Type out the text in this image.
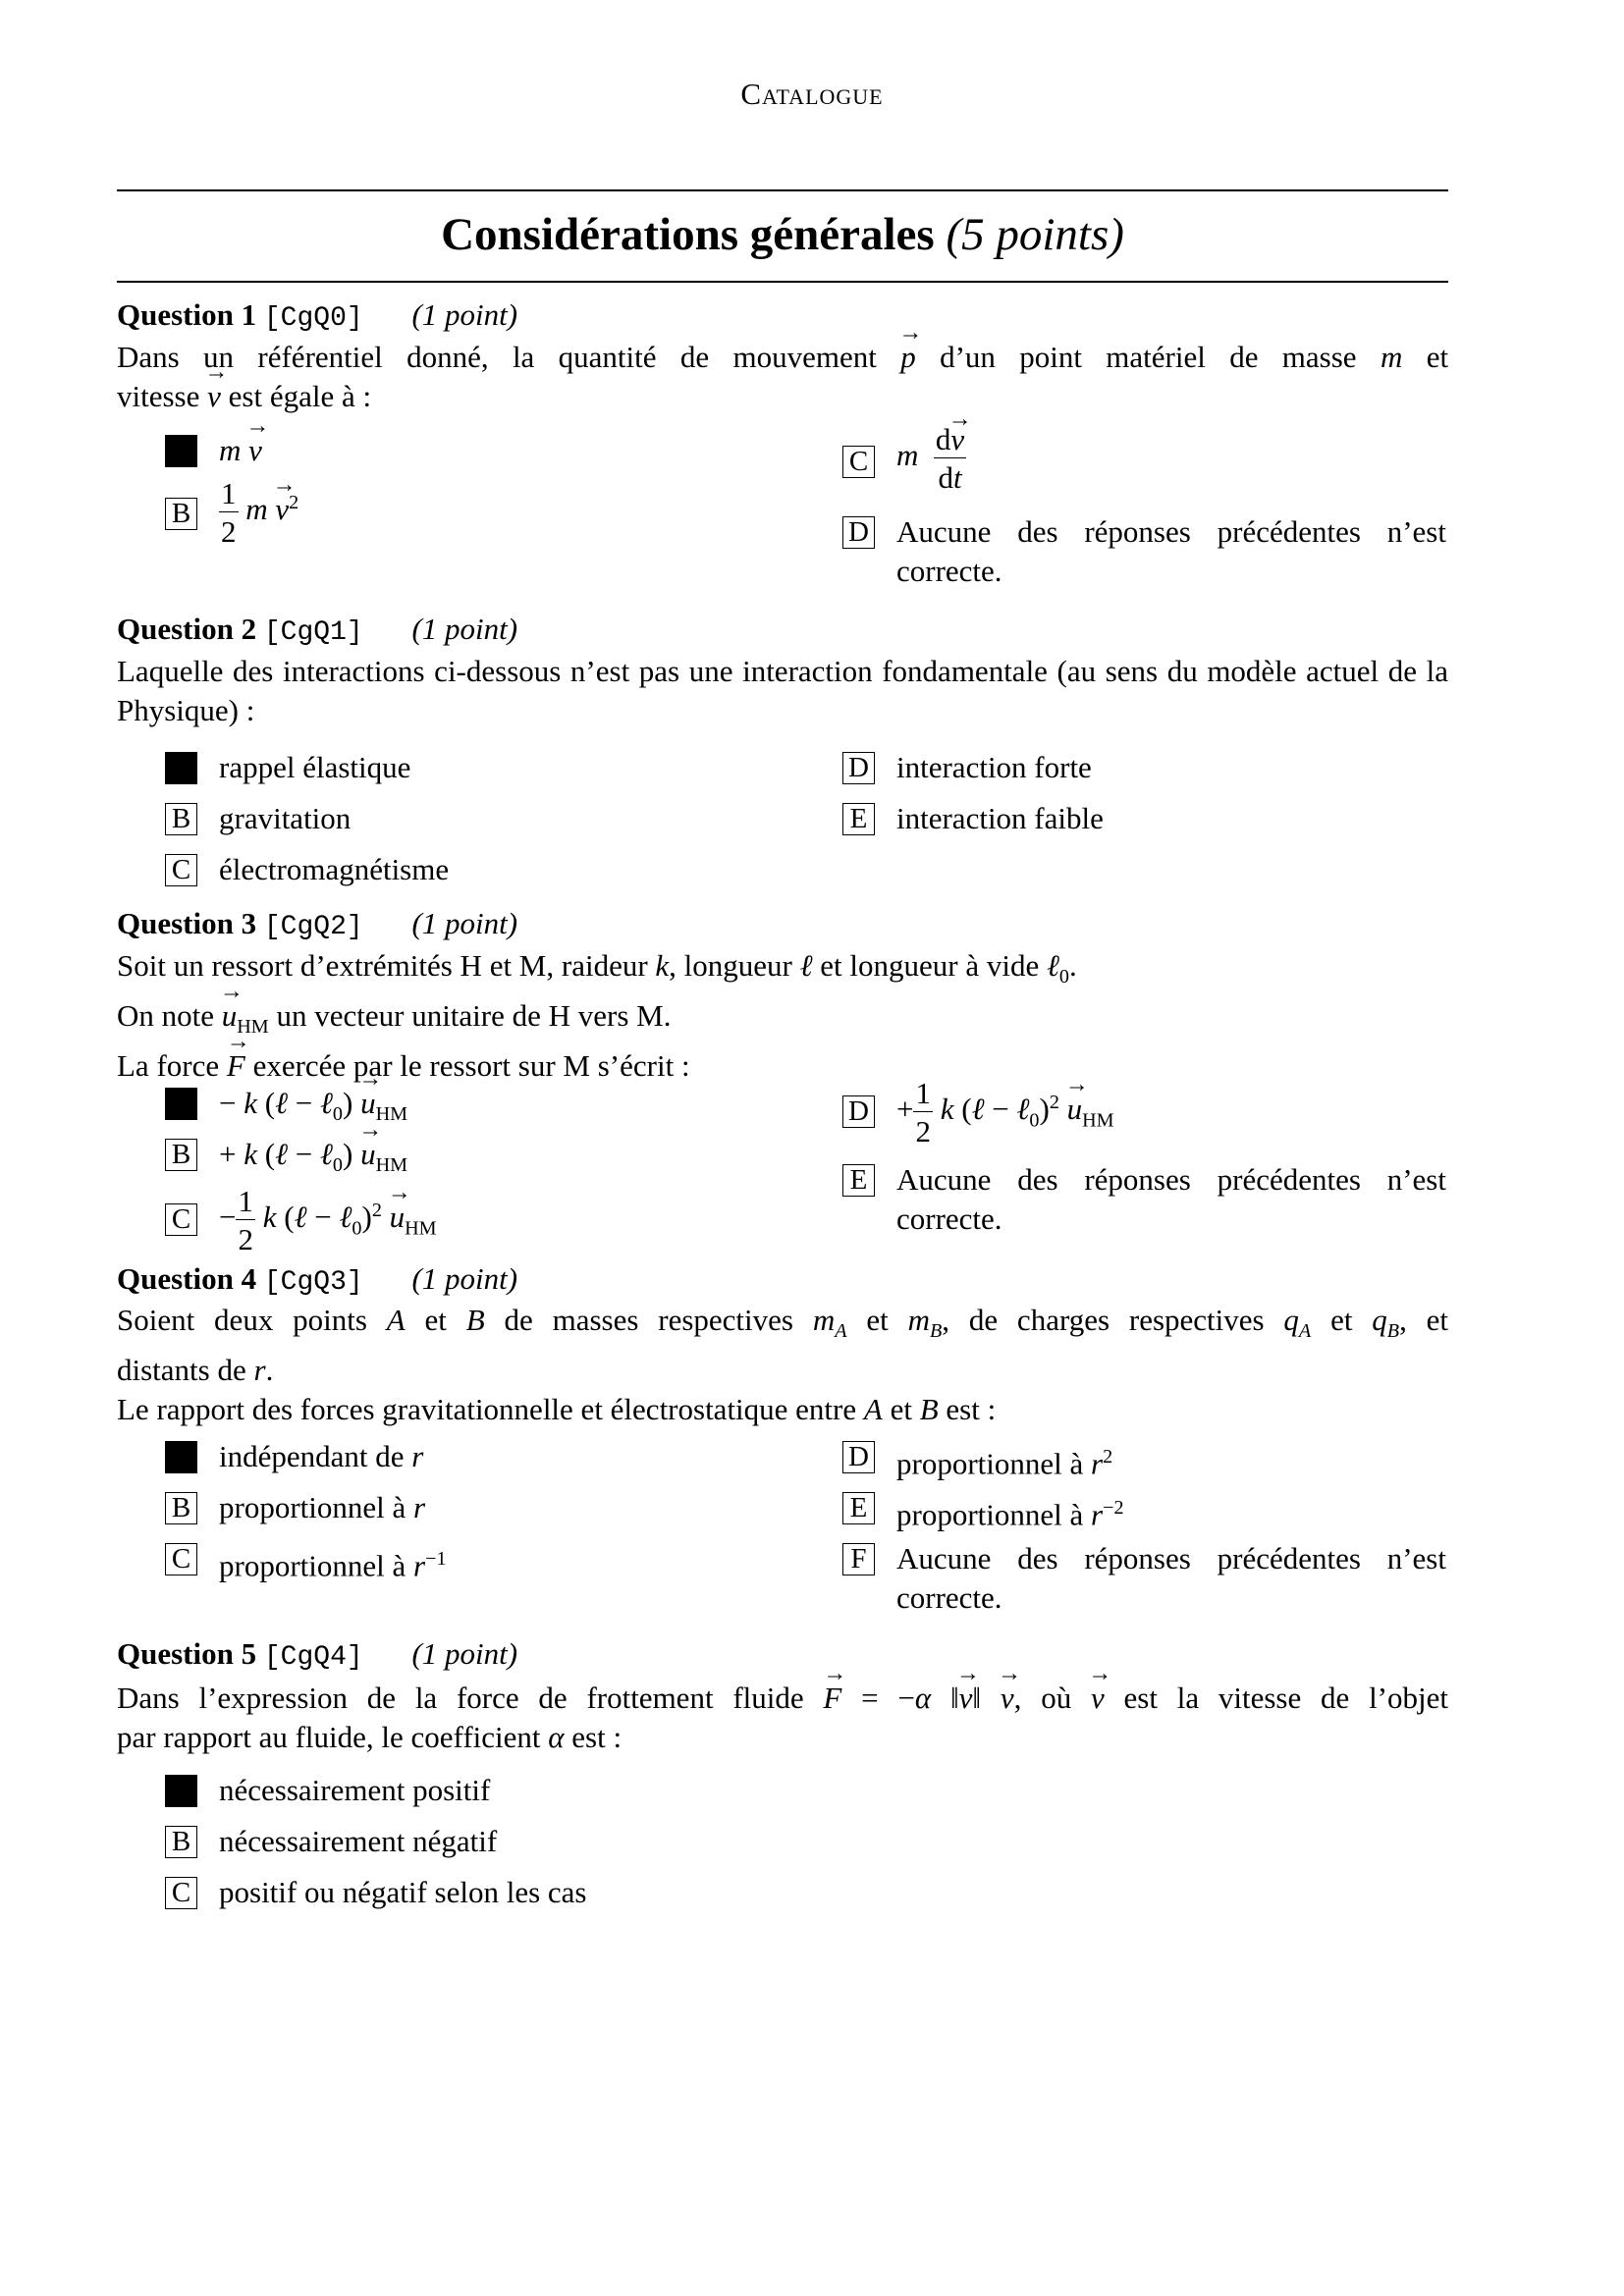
Catalogue
Considérations générales (5 points)
Question 1 [CgQ0] (1 point)
Dans un référentiel donné, la quantité de mouvement → p d’un point matériel de masse m et
vitesse → v est égale à :
m → v
B $\frac{1}{2}$ $m \to v^2$
C m $\frac{d\to v}{dt}$
D Aucune des réponses précédentes n’est correcte.
Question 2 [CgQ1] (1 point)
Laquelle des interactions ci-dessous n’est pas une interaction fondamentale (au sens du modèle actuel de la Physique) :
rappel élastique
B gravitation
C électromagnétisme
D interaction forte
E interaction faible
Question 3 [CgQ2] (1 point)
Soit un ressort d’extrémités H et M, raideur k, longueur ℓ et longueur à vide ℓ$_0$.
On note → $u_{HM}$ un vecteur unitaire de H vers M.
La force → F exercée par le ressort sur M s’écrit :
− k (ℓ − ℓ$_0$) → $u_{HM}$
B + k (ℓ − ℓ$_0$) → $u_{HM}$
$C - \frac{1}{2}$ k (ℓ − ℓ$_0$)$^2$ → $u_{HM}$
$D + \frac{1}{2}$ k (ℓ − ℓ$_0$)$^2$ → $u_{HM}$
E Aucune des réponses précédentes n’est correcte.
Question 4 [CgQ3] (1 point)
Soient deux points A et B de masses respectives $m_A$ et $m_B$, de charges respectives $q_A$ et $q_B$, et
distants de r.
Le rapport des forces gravitationnelle et électrostatique entre A et B est :
indépendant de r
B proportionnel à r
C proportionnel à $r^{-1}$
D proportionnel à $r^2$
E proportionnel à $r^{-2}$
F Aucune des réponses précédentes n’est correcte.
Question 5 [CgQ4] (1 point)
Dans l’expression de la force de frottement fluide → F = −α ‖→ v‖ → v, où → v est la vitesse de l’objet
par rapport au fluide, le coefficient α est :
nécessairement positif
B nécessairement négatif
C positif ou négatif selon les cas
